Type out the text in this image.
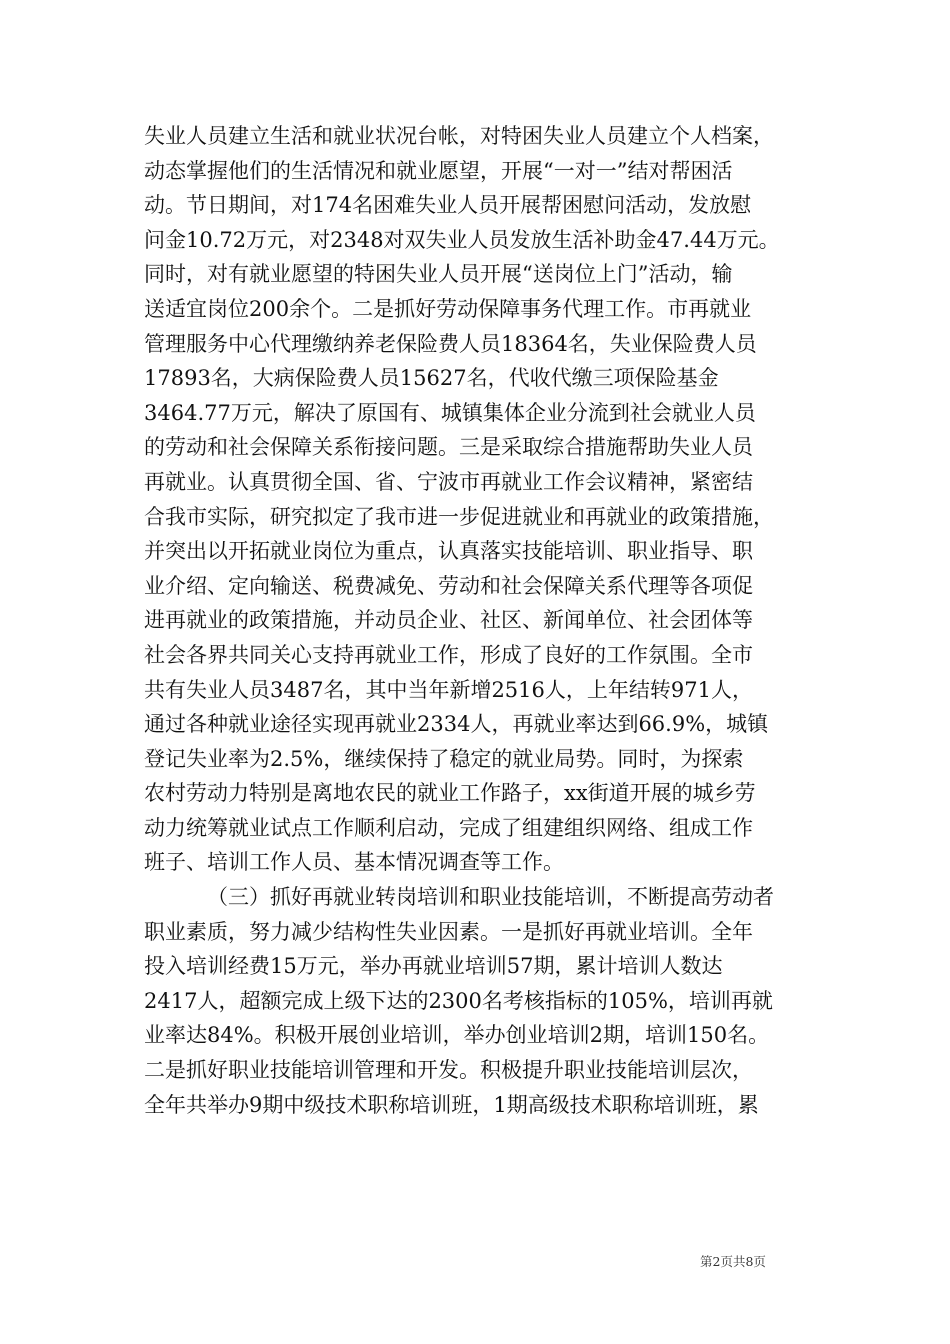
失业人员建立生活和就业状况台帐，对特困失业人员建立个人档案，
动态掌握他们的生活情况和就业愿望，开展“一对一”结对帮困活
动。节日期间，对174名困难失业人员开展帮困慰问活动，发放慰
问金10.72万元，对2348对双失业人员发放生活补助金47.44万元。
同时，对有就业愿望的特困失业人员开展“送岗位上门”活动，输
送适宜岗位200余个。二是抓好劳动保障事务代理工作。市再就业
管理服务中心代理缴纳养老保险费人员18364名，失业保险费人员
17893名，大病保险费人员15627名，代收代缴三项保险基金
3464.77万元，解决了原国有、城镇集体企业分流到社会就业人员
的劳动和社会保障关系衔接问题。三是采取综合措施帮助失业人员
再就业。认真贯彻全国、省、宁波市再就业工作会议精神，紧密结
合我市实际，研究拟定了我市进一步促进就业和再就业的政策措施，
并突出以开拓就业岗位为重点，认真落实技能培训、职业指导、职
业介绍、定向输送、税费减免、劳动和社会保障关系代理等各项促
进再就业的政策措施，并动员企业、社区、新闻单位、社会团体等
社会各界共同关心支持再就业工作，形成了良好的工作氛围。全市
共有失业人员3487名，其中当年新增2516人，上年结转971人，
通过各种就业途径实现再就业2334人，再就业率达到66.9%，城镇
登记失业率为2.5%，继续保持了稳定的就业局势。同时，为探索
农村劳动力特别是离地农民的就业工作路子，xx街道开展的城乡劳
动力统筹就业试点工作顺利启动，完成了组建组织网络、组成工作
班子、培训工作人员、基本情况调查等工作。
（三）抓好再就业转岗培训和职业技能培训，不断提高劳动者
职业素质，努力减少结构性失业因素。一是抓好再就业培训。全年
投入培训经费15万元，举办再就业培训57期，累计培训人数达
2417人，超额完成上级下达的2300名考核指标的105%，培训再就
业率达84%。积极开展创业培训，举办创业培训2期，培训150名。
二是抓好职业技能培训管理和开发。积极提升职业技能培训层次，
全年共举办9期中级技术职称培训班，1期高级技术职称培训班，累
第2页共8页
